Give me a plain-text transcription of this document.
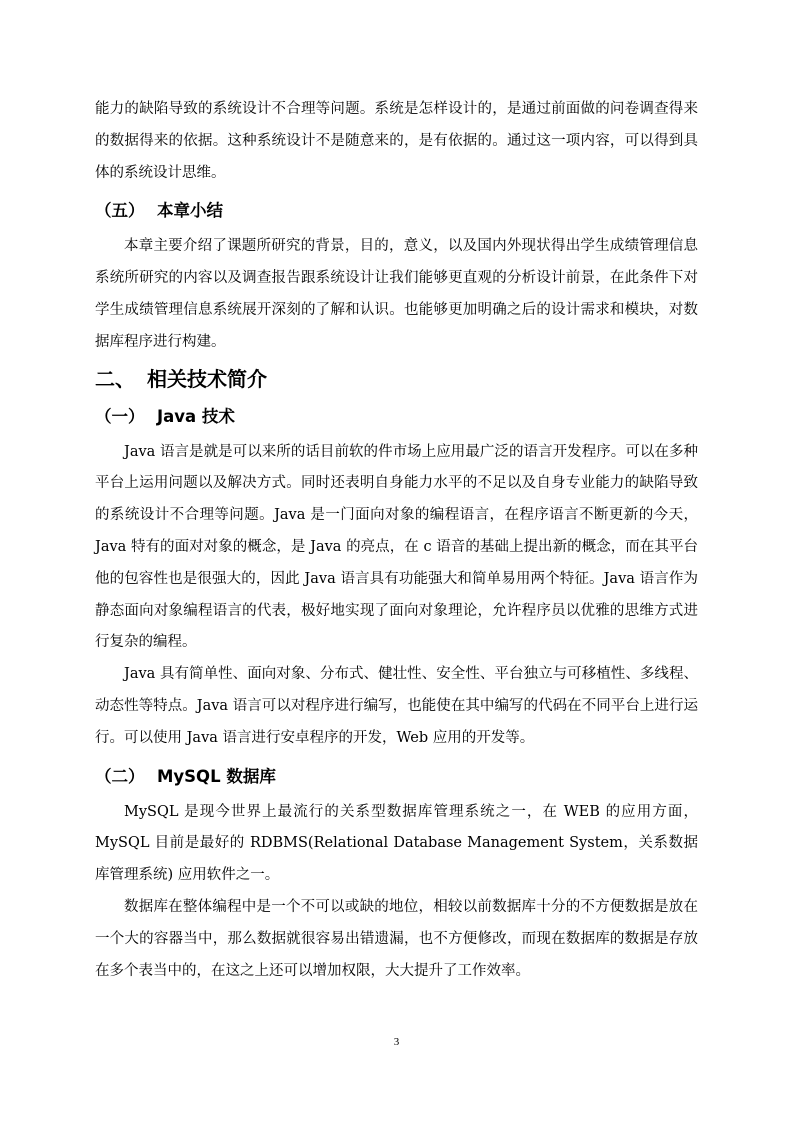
能力的缺陷导致的系统设计不合理等问题。系统是怎样设计的，是通过前面做的问卷调查得来的数据得来的依据。这种系统设计不是随意来的，是有依据的。通过这一项内容，可以得到具体的系统设计思维。

（五） 本章小结

本章主要介绍了课题所研究的背景，目的，意义，以及国内外现状得出学生成绩管理信息系统所研究的内容以及调查报告跟系统设计让我们能够更直观的分析设计前景，在此条件下对学生成绩管理信息系统展开深刻的了解和认识。也能够更加明确之后的设计需求和模块，对数据库程序进行构建。

二、 相关技术简介
（一） Java 技术

Java 语言是就是可以来所的话目前软的件市场上应用最广泛的语言开发程序。可以在多种平台上运用问题以及解决方式。同时还表明自身能力水平的不足以及自身专业能力的缺陷导致的系统设计不合理等问题。Java 是一门面向对象的编程语言，在程序语言不断更新的今天，Java 特有的面对对象的概念，是 Java 的亮点，在 c 语音的基础上提出新的概念，而在其平台他的包容性也是很强大的，因此 Java 语言具有功能强大和简单易用两个特征。Java 语言作为静态面向对象编程语言的代表，极好地实现了面向对象理论，允许程序员以优雅的思维方式进行复杂的编程。

Java 具有简单性、面向对象、分布式、健壮性、安全性、平台独立与可移植性、多线程、动态性等特点。Java 语言可以对程序进行编写，也能使在其中编写的代码在不同平台上进行运行。可以使用 Java 语言进行安卓程序的开发，Web 应用的开发等。

（二） MySQL 数据库

MySQL 是现今世界上最流行的关系型数据库管理系统之一，在 WEB 的应用方面，MySQL 目前是最好的 RDBMS(Relational Database Management System，关系数据库管理系统) 应用软件之一。

数据库在整体编程中是一个不可以或缺的地位，相较以前数据库十分的不方便数据是放在一个大的容器当中，那么数据就很容易出错遗漏，也不方便修改，而现在数据库的数据是存放在多个表当中的，在这之上还可以增加权限，大大提升了工作效率。

3
